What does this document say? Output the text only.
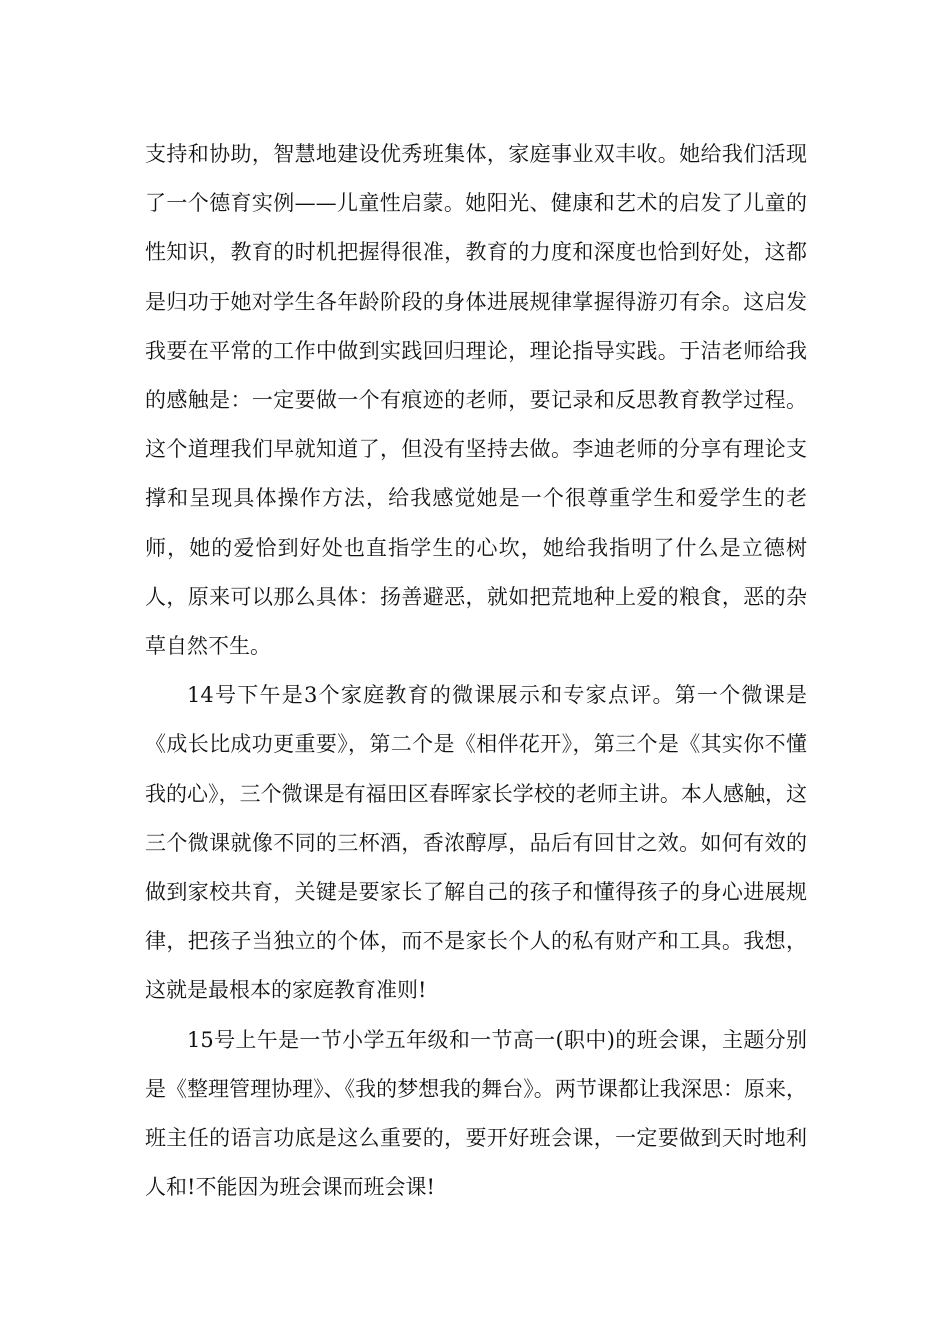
支持和协助，智慧地建设优秀班集体，家庭事业双丰收。她给我们活现了一个德育实例——儿童性启蒙。她阳光、健康和艺术的启发了儿童的性知识，教育的时机把握得很准，教育的力度和深度也恰到好处，这都是归功于她对学生各年龄阶段的身体进展规律掌握得游刃有余。这启发我要在平常的工作中做到实践回归理论，理论指导实践。于洁老师给我的感触是：一定要做一个有痕迹的老师，要记录和反思教育教学过程。这个道理我们早就知道了，但没有坚持去做。李迪老师的分享有理论支撑和呈现具体操作方法，给我感觉她是一个很尊重学生和爱学生的老师，她的爱恰到好处也直指学生的心坎，她给我指明了什么是立德树人，原来可以那么具体：扬善避恶，就如把荒地种上爱的粮食，恶的杂草自然不生。

14号下午是3个家庭教育的微课展示和专家点评。第一个微课是《成长比成功更重要》，第二个是《相伴花开》，第三个是《其实你不懂我的心》，三个微课是有福田区春晖家长学校的老师主讲。本人感触，这三个微课就像不同的三杯酒，香浓醇厚，品后有回甘之效。如何有效的做到家校共育，关键是要家长了解自己的孩子和懂得孩子的身心进展规律，把孩子当独立的个体，而不是家长个人的私有财产和工具。我想，这就是最根本的家庭教育准则!

15号上午是一节小学五年级和一节高一(职中)的班会课，主题分别是《整理管理协理》、《我的梦想我的舞台》。两节课都让我深思：原来，班主任的语言功底是这么重要的，要开好班会课，一定要做到天时地利人和!不能因为班会课而班会课!
